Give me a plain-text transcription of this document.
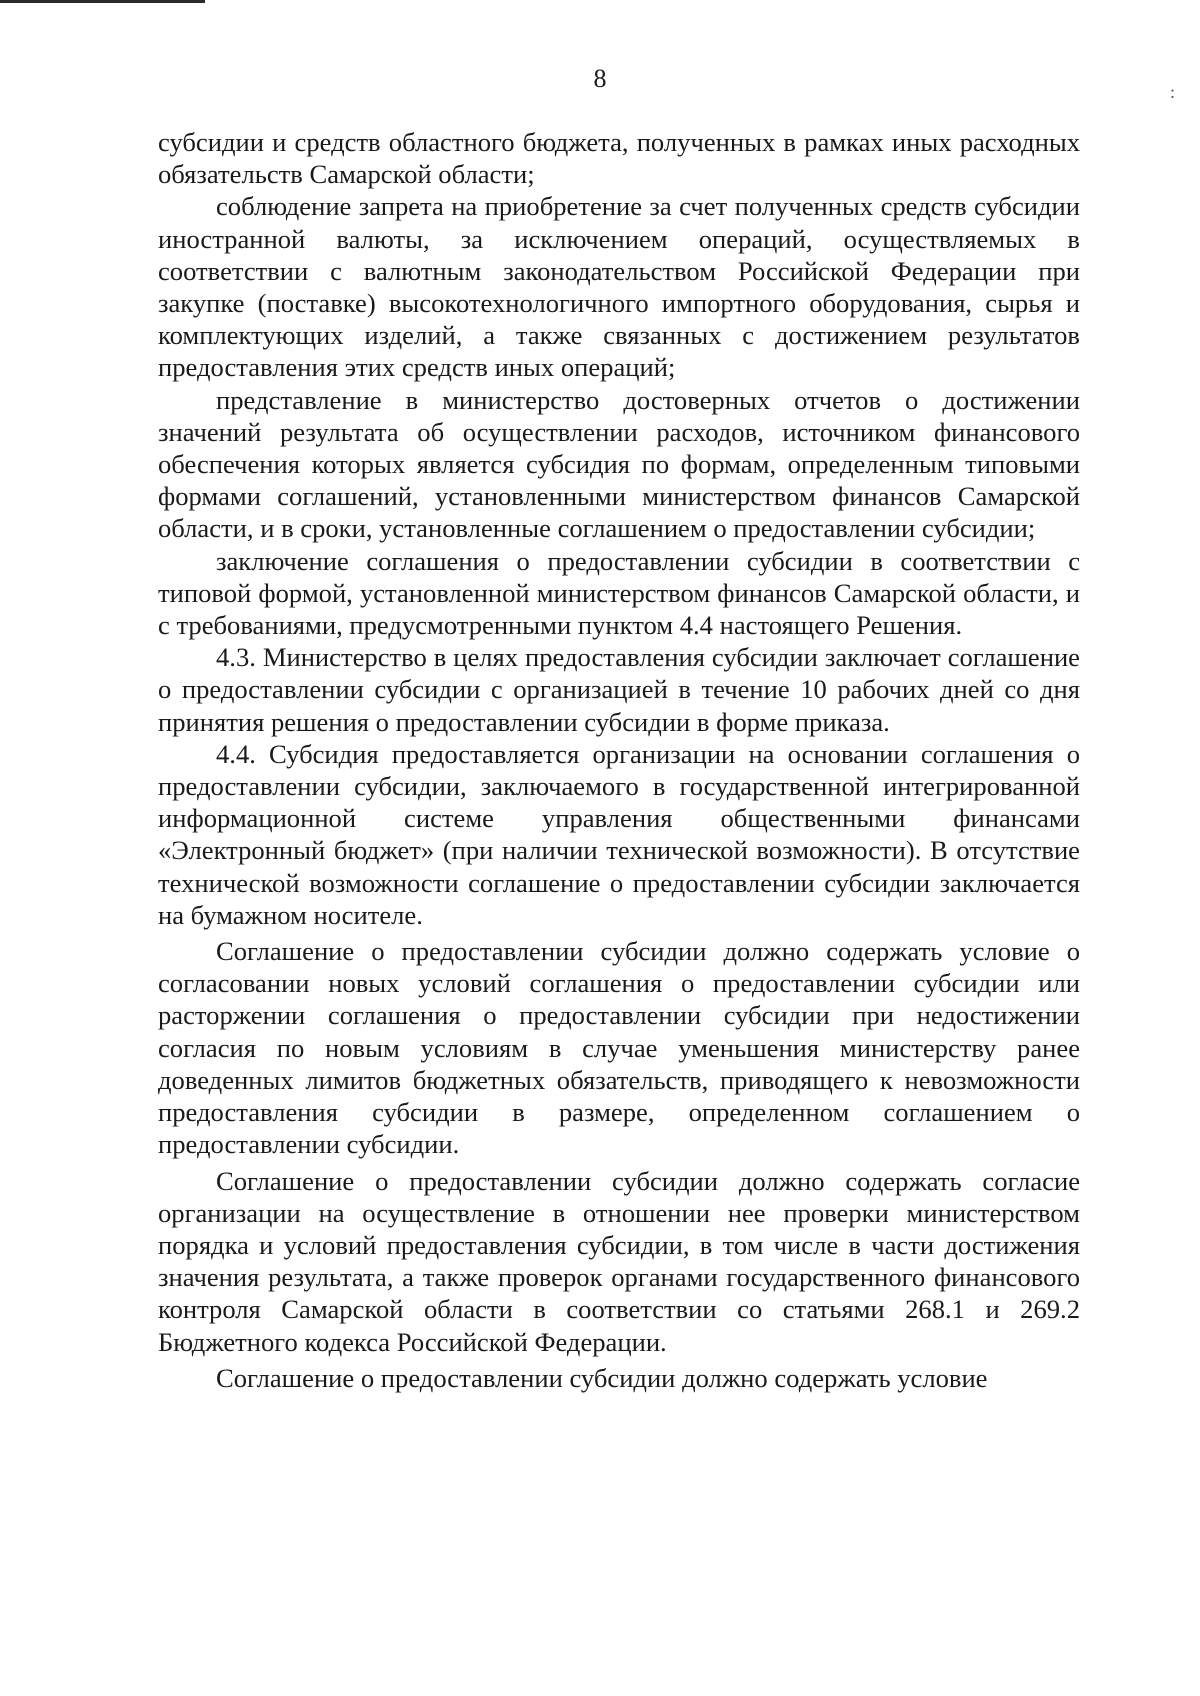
8	:

субсидии и средств областного бюджета, полученных в рамках иных расходных обязательств Самарской области;

соблюдение запрета на приобретение за счет полученных средств субсидии иностранной валюты, за исключением операций, осуществляемых в соответствии с валютным законодательством Российской Федерации при закупке (поставке) высокотехнологичного импортного оборудования, сырья и комплектующих изделий, а также связанных с достижением результатов предоставления этих средств иных операций;

представление в министерство достоверных отчетов о достижении значений результата об осуществлении расходов, источником финансового обеспечения которых является субсидия по формам, определенным типовыми формами соглашений, установленными министерством финансов Самарской области, и в сроки, установленные соглашением о предоставлении субсидии;

заключение соглашения о предоставлении субсидии в соответствии с типовой формой, установленной министерством финансов Самарской области, и с требованиями, предусмотренными пунктом 4.4 настоящего Решения.

4.3. Министерство в целях предоставления субсидии заключает соглашение о предоставлении субсидии с организацией в течение 10 рабочих дней со дня принятия решения о предоставлении субсидии в форме приказа.

4.4. Субсидия предоставляется организации на основании соглашения о предоставлении субсидии, заключаемого в государственной интегрированной информационной системе управления общественными финансами «Электронный бюджет» (при наличии технической возможности). В отсутствие технической возможности соглашение о предоставлении субсидии заключается на бумажном носителе.

Соглашение о предоставлении субсидии должно содержать условие о согласовании новых условий соглашения о предоставлении субсидии или расторжении соглашения о предоставлении субсидии при недостижении согласия по новым условиям в случае уменьшения министерству ранее доведенных лимитов бюджетных обязательств, приводящего к невозможности предоставления субсидии в размере, определенном соглашением о предоставлении субсидии.

Соглашение о предоставлении субсидии должно содержать согласие организации на осуществление в отношении нее проверки министерством порядка и условий предоставления субсидии, в том числе в части достижения значения результата, а также проверок органами государственного финансового контроля Самарской области в соответствии со статьями 268.1 и 269.2 Бюджетного кодекса Российской Федерации.

Соглашение о предоставлении субсидии должно содержать условие
